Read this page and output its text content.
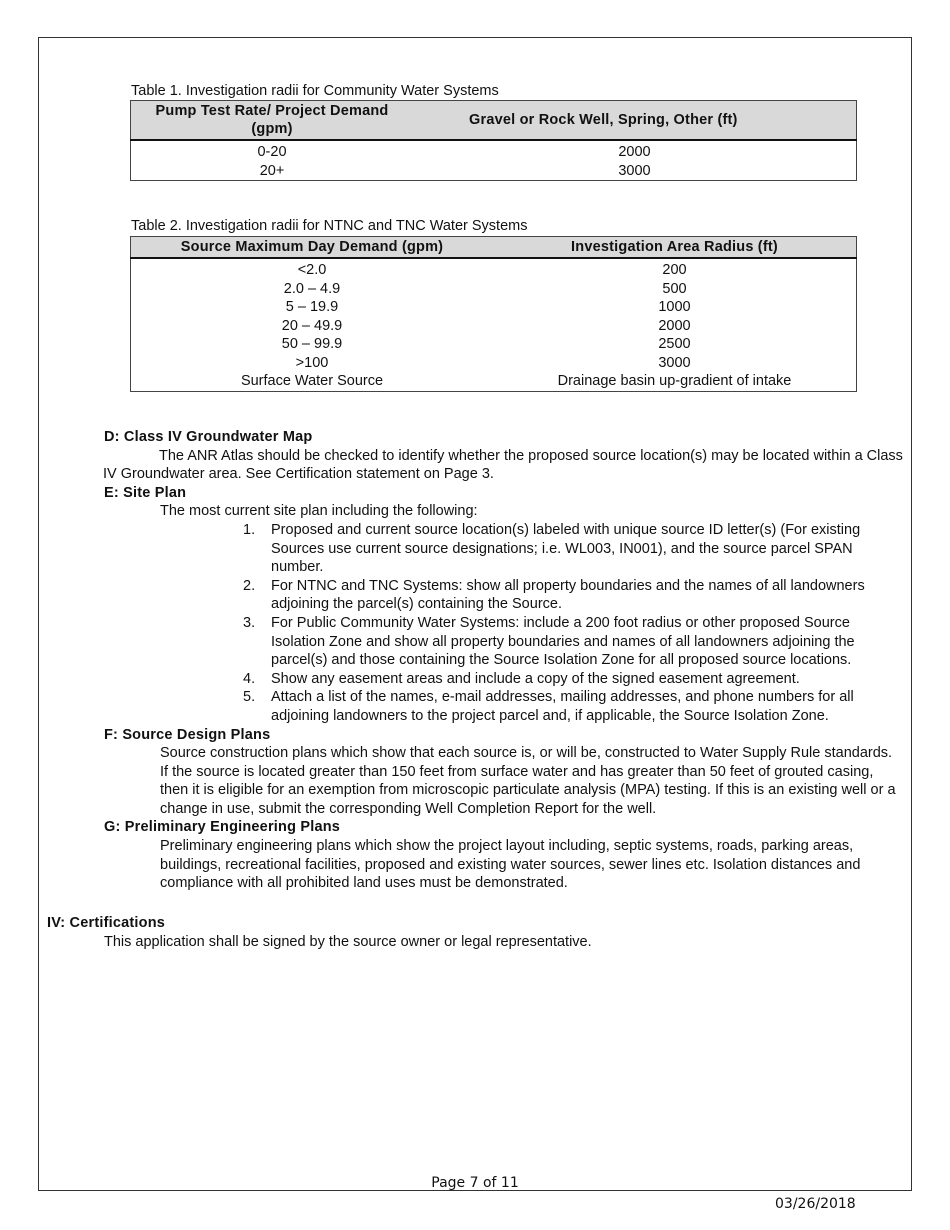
Table 1. Investigation radii for Community Water Systems
Pump Test Rate/ Project Demand (gpm)	Gravel or Rock Well, Spring, Other (ft)
0-20	2000
20+	3000
Table 2. Investigation radii for NTNC and TNC Water Systems
Source Maximum Day Demand (gpm)	Investigation Area Radius (ft)
<2.0	200
2.0 – 4.9	500
5 – 19.9	1000
20 – 49.9	2000
50 – 99.9	2500
>100	3000
Surface Water Source	Drainage basin up-gradient of intake
D: Class IV Groundwater Map

The ANR Atlas should be checked to identify whether the proposed source location(s) may be located within a Class IV Groundwater area. See Certification statement on Page 3.

E: Site Plan
The most current site plan including the following:
1. Proposed and current source location(s) labeled with unique source ID letter(s) (For existing Sources use current source designations; i.e. WL003, IN001), and the source parcel SPAN number.
2. For NTNC and TNC Systems: show all property boundaries and the names of all landowners adjoining the parcel(s) containing the Source.
3. For Public Community Water Systems: include a 200 foot radius or other proposed Source Isolation Zone and show all property boundaries and names of all landowners adjoining the parcel(s) and those containing the Source Isolation Zone for all proposed source locations.
4. Show any easement areas and include a copy of the signed easement agreement.
5. Attach a list of the names, e-mail addresses, mailing addresses, and phone numbers for all adjoining landowners to the project parcel and, if applicable, the Source Isolation Zone.
F: Source Design Plans
Source construction plans which show that each source is, or will be, constructed to Water Supply Rule standards. If the source is located greater than 150 feet from surface water and has greater than 50 feet of grouted casing, then it is eligible for an exemption from microscopic particulate analysis (MPA) testing. If this is an existing well or a change in use, submit the corresponding Well Completion Report for the well.
G: Preliminary Engineering Plans
Preliminary engineering plans which show the project layout including, septic systems, roads, parking areas, buildings, recreational facilities, proposed and existing water sources, sewer lines etc. Isolation distances and compliance with all prohibited land uses must be demonstrated.
IV: Certifications
This application shall be signed by the source owner or legal representative.
Page 7 of 11
03/26/2018
